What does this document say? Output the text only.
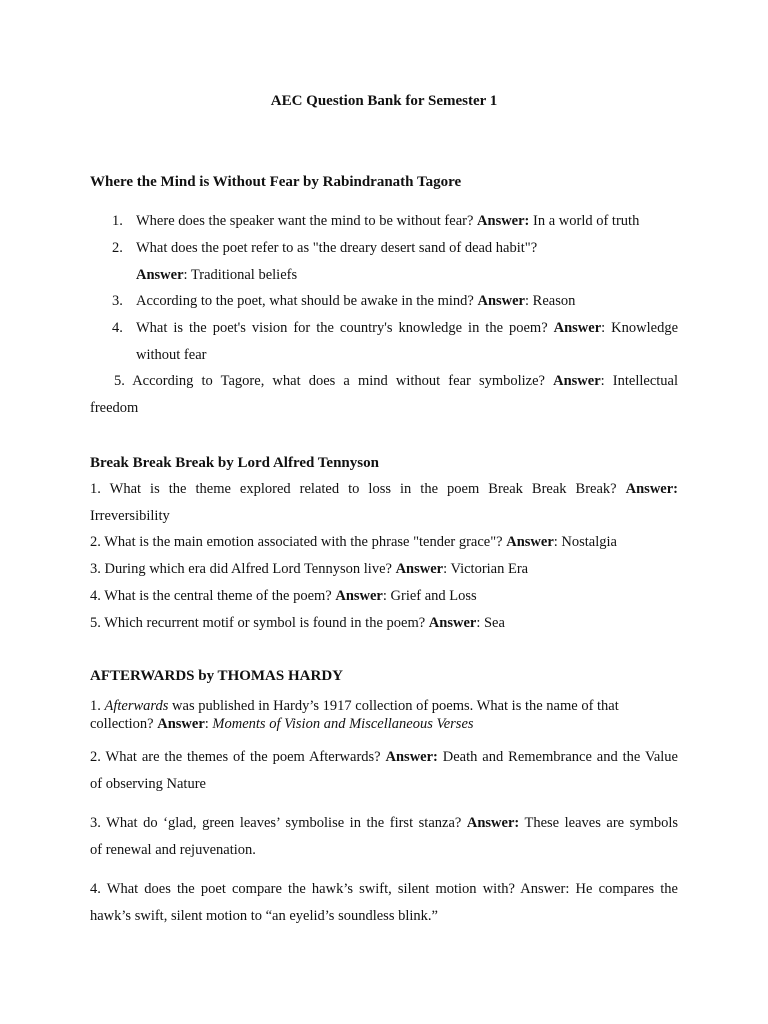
AEC Question Bank for Semester 1
Where the Mind is Without Fear by Rabindranath Tagore
1. Where does the speaker want the mind to be without fear? Answer: In a world of truth
2. What does the poet refer to as "the dreary desert sand of dead habit"?
Answer: Traditional beliefs
3. According to the poet, what should be awake in the mind? Answer: Reason
4. What is the poet's vision for the country's knowledge in the poem? Answer: Knowledge
without fear
5. According to Tagore, what does a mind without fear symbolize? Answer: Intellectual
freedom
Break Break Break by Lord Alfred Tennyson
1. What is the theme explored related to loss in the poem Break Break Break? Answer:
Irreversibility
2. What is the main emotion associated with the phrase "tender grace"? Answer: Nostalgia
3. During which era did Alfred Lord Tennyson live? Answer: Victorian Era
4. What is the central theme of the poem? Answer: Grief and Loss
5. Which recurrent motif or symbol is found in the poem? Answer: Sea
AFTERWARDS by THOMAS HARDY
1. Afterwards was published in Hardy’s 1917 collection of poems. What is the name of that
collection? Answer: Moments of Vision and Miscellaneous Verses
2. What are the themes of the poem Afterwards? Answer: Death and Remembrance and the Value
of observing Nature
3. What do ‘glad, green leaves’ symbolise in the first stanza? Answer: These leaves are symbols
of renewal and rejuvenation.
4. What does the poet compare the hawk’s swift, silent motion with? Answer: He compares the
hawk’s swift, silent motion to “an eyelid’s soundless blink.”
